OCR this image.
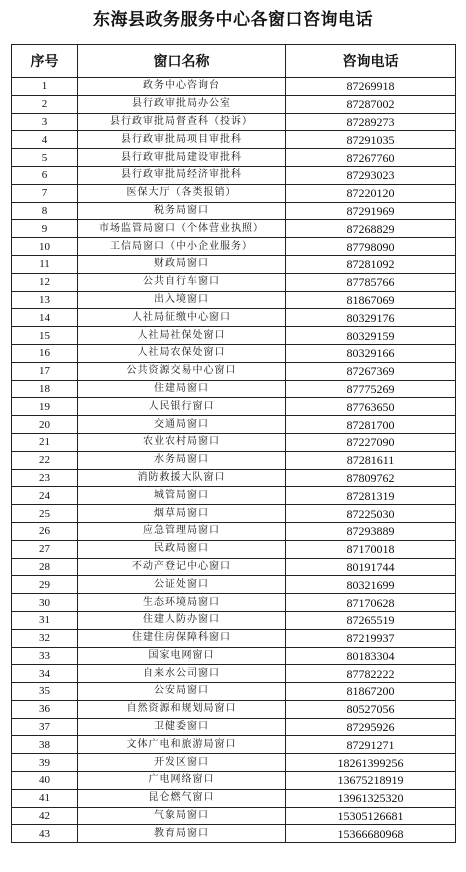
东海县政务服务中心各窗口咨询电话
序号	窗口名称	咨询电话
1	政务中心咨询台	87269918
2	县行政审批局办公室	87287002
3	县行政审批局督查科（投诉）	87289273
4	县行政审批局项目审批科	87291035
5	县行政审批局建设审批科	87267760
6	县行政审批局经济审批科	87293023
7	医保大厅（各类报销）	87220120
8	税务局窗口	87291969
9	市场监管局窗口（个体营业执照）	87268829
10	工信局窗口（中小企业服务）	87798090
11	财政局窗口	87281092
12	公共自行车窗口	87785766
13	出入境窗口	81867069
14	人社局征缴中心窗口	80329176
15	人社局社保处窗口	80329159
16	人社局农保处窗口	80329166
17	公共资源交易中心窗口	87267369
18	住建局窗口	87775269
19	人民银行窗口	87763650
20	交通局窗口	87281700
21	农业农村局窗口	87227090
22	水务局窗口	87281611
23	消防救援大队窗口	87809762
24	城管局窗口	87281319
25	烟草局窗口	87225030
26	应急管理局窗口	87293889
27	民政局窗口	87170018
28	不动产登记中心窗口	80191744
29	公证处窗口	80321699
30	生态环境局窗口	87170628
31	住建人防办窗口	87265519
32	住建住房保障科窗口	87219937
33	国家电网窗口	80183304
34	自来水公司窗口	87782222
35	公安局窗口	81867200
36	自然资源和规划局窗口	80527056
37	卫健委窗口	87295926
38	文体广电和旅游局窗口	87291271
39	开发区窗口	18261399256
40	广电网络窗口	13675218919
41	昆仑燃气窗口	13961325320
42	气象局窗口	15305126681
43	教育局窗口	15366680968
